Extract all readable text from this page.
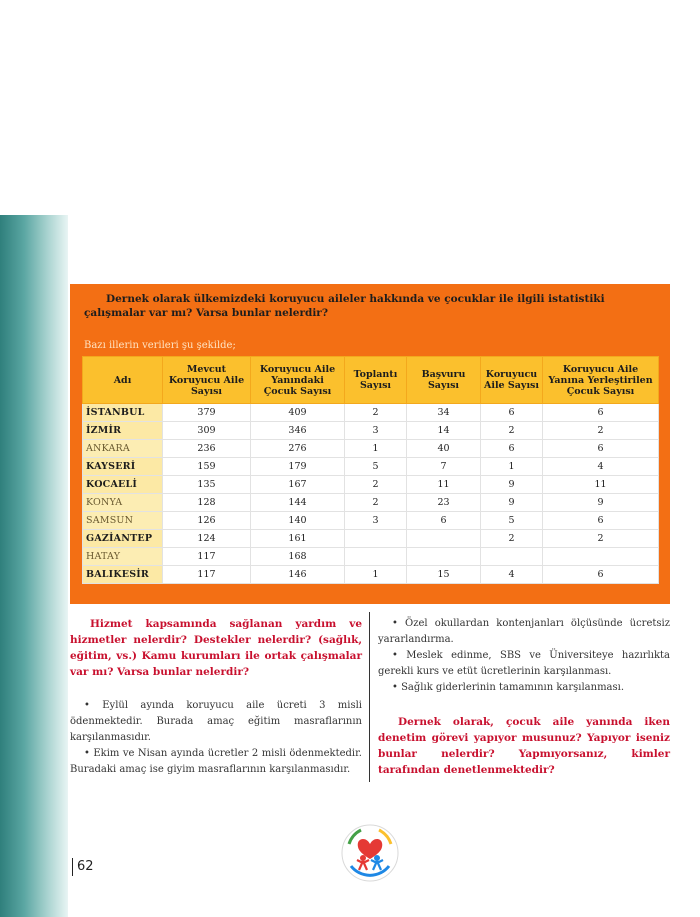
Dernek olarak ülkemizdeki koruyucu aileler hakkında ve çocuklar ile ilgili istatistiki çalışmalar var mı? Varsa bunlar nelerdir?
Bazı illerin verileri şu şekilde;
Adı	Mevcut Koruyucu Aile Sayısı	Koruyucu Aile Yanındaki Çocuk Sayısı	Toplantı Sayısı	Başvuru Sayısı	Koruyucu Aile Sayısı	Koruyucu Aile Yanına Yerleştirilen Çocuk Sayısı
İSTANBUL	379	409	2	34	6	6
İZMİR	309	346	3	14	2	2
ANKARA	236	276	1	40	6	6
KAYSERİ	159	179	5	7	1	4
KOCAELİ	135	167	2	11	9	11
KONYA	128	144	2	23	9	9
SAMSUN	126	140	3	6	5	6
GAZİANTEP	124	161			2	2
HATAY	117	168				
BALIKESİR	117	146	1	15	4	6

Hizmet kapsamında sağlanan yardım ve hizmetler nelerdir? Destekler nelerdir? (sağlık, eğitim, vs.) Kamu kurumları ile ortak çalışmalar var mı? Varsa bunlar nelerdir?

• Eylül ayında koruyucu aile ücreti 3 misli ödenmektedir. Burada amaç eğitim masraflarının karşılanmasıdır.

• Ekim ve Nisan ayında ücretler 2 misli ödenmektedir. Buradaki amaç ise giyim masraflarının karşılanmasıdır.

• Özel okullardan kontenjanları ölçüsünde ücretsiz yararlandırma.

• Meslek edinme, SBS ve Üniversiteye hazırlıkta gerekli kurs ve etüt ücretlerinin karşılanması.

• Sağlık giderlerinin tamamının karşılanması.

Dernek olarak, çocuk aile yanında iken denetim görevi yapıyor musunuz? Yapıyor iseniz bunlar nelerdir? Yapmıyorsanız, kimler tarafından denetlenmektedir?

62
